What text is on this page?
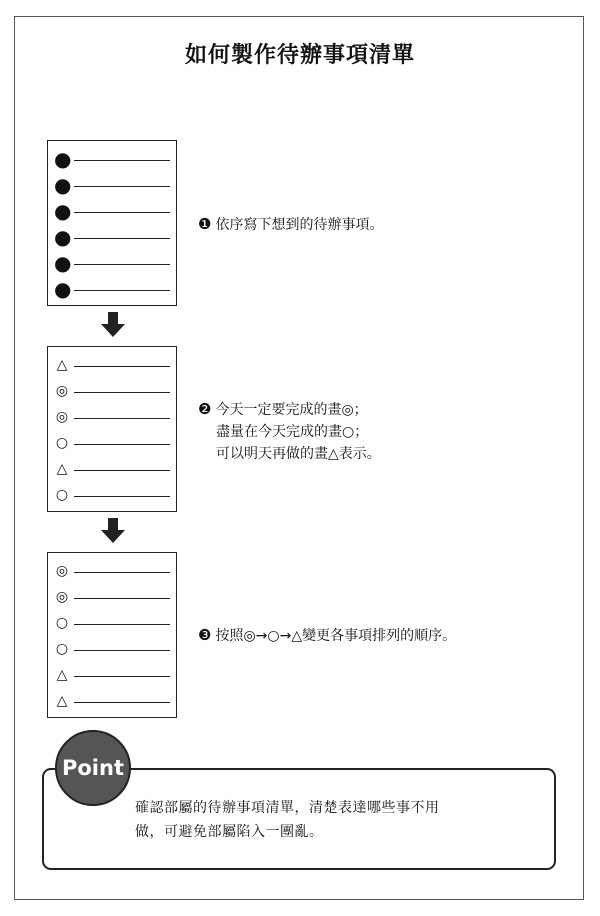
如何製作待辦事項清單
●
●
●
●
●
●
△
◎
◎
○
△
○
◎
◎
○
○
△
△
❶ 依序寫下想到的待辦事項。
❷ 今天一定要完成的畫◎；
盡量在今天完成的畫○；
可以明天再做的畫△表示。
❸ 按照◎→○→△變更各事項排列的順序。
Point
確認部屬的待辦事項清單，清楚表達哪些事不用
做，可避免部屬陷入一團亂。
